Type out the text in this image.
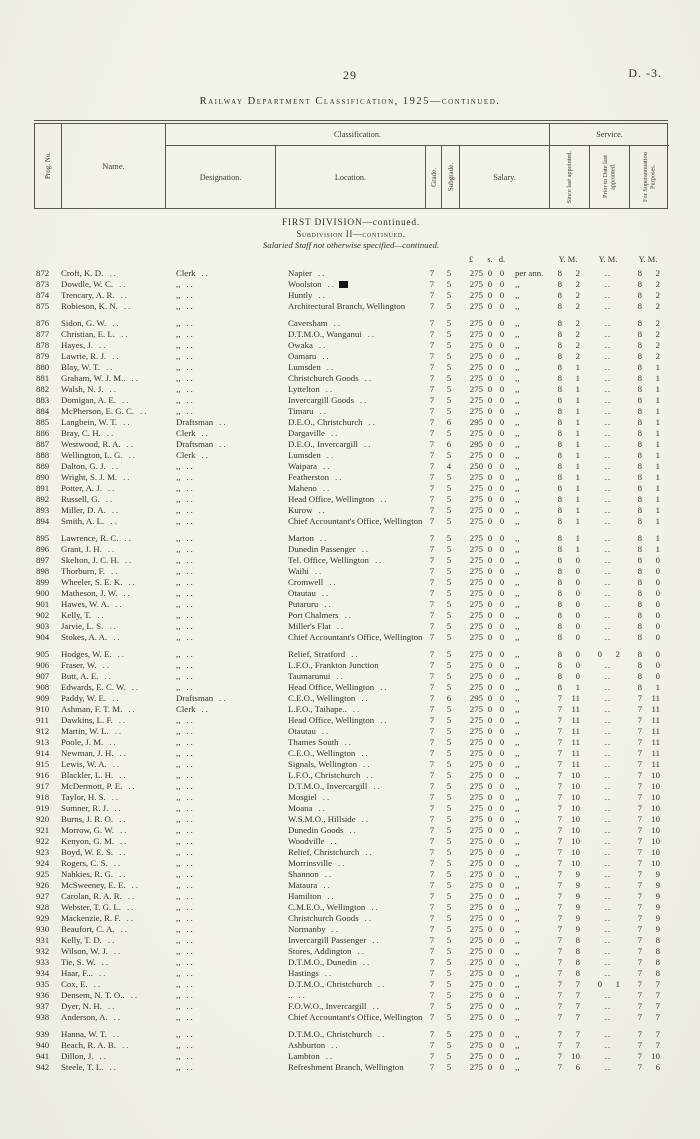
29	D. -3.
Railway Department Classification, 1925—continued.
Prog. No.	Name.
Classification.	Service.
Designation.	Location.	Grade. Subgrade.	Salary.	Since last appointed.	Prior to Date last appointed.	For Superannuation Purposes.
FIRST DIVISION—continued.
Subdivision II—continued.
Salaried Staff not otherwise specified—continued.
£	s. d.	Y. M.	Y. M.	Y. M.
872	Croft, K. D. ..	Clerk ..	Napier ..	7	5	275 0 0	per ann.	8	2	..	8	2
873	Dowdle, W. C. ..	,, ..	Woolston ..	7	5	275 0 0	,,	8	2	..	8	2
874	Trencary, A. R. ..	,, ..	Huntly ..	7	5	275 0 0	,,	8	2	..	8	2
875	Robieson, K. N. ..	,, ..	Architectural Branch, Wellington	7	5	275 0 0	,,	8	2	..	8	2
876	Sidon, G. W. ..	,, ..	Caversham ..	7	5	275 0 0	,,	8	2	..	8	2
877	Christian, E. L. ..	,, ..	D.T.M.O., Wanganui ..	7	5	275 0 0	,,	8	2	..	8	2
878	Hayes, J. ..	,, ..	Owaka ..	7	5	275 0 0	,,	8	2	..	8	2
879	Lawrie, R. J. ..	,, ..	Oamaru ..	7	5	275 0 0	,,	8	2	..	8	2
880	Blay, W. T. ..	,, ..	Lumsden ..	7	5	275 0 0	,,	8	1	..	8	1
881	Graham, W. J. M.. ..	,, ..	Christchurch Goods ..	7	5	275 0 0	,,	8	1	..	8	1
882	Walsh, N. J. ..	,, ..	Lyttelton ..	7	5	275 0 0	,,	8	1	..	8	1
883	Domigan, A. E. ..	,, ..	Invercargill Goods ..	7	5	275 0 0	,,	8	1	..	8	1
884	McPherson, E. G. C. ..	,, ..	Timaru ..	7	5	275 0 0	,,	8	1	..	8	1
885	Langbein, W. T. ..	Draftsman ..	D.E.O., Christchurch ..	7	6	295 0 0	,,	8	1	..	8	1
886	Bray, C. H. ..	Clerk ..	Dargaville ..	7	5	275 0 0	,,	8	1	..	8	1
887	Westwood, R. A. ..	Draftsman ..	D.E.O., Invercargill ..	7	6	295 0 0	,,	8	1	..	8	1
888	Wellington, L. G. ..	Clerk ..	Lumsden ..	7	5	275 0 0	,,	8	1	..	8	1
889	Dalton, G. J. ..	,, ..	Waipara ..	7	4	250 0 0	,,	8	1	..	8	1
890	Wright, S. J. M. ..	,, ..	Featherston ..	7	5	275 0 0	,,	8	1	..	8	1
891	Potter, A. J. ..	,, ..	Maheno ..	7	5	275 0 0	,,	8	1	..	8	1
892	Russell, G. ..	,, ..	Head Office, Wellington ..	7	5	275 0 0	,,	8	1	..	8	1
893	Miller, D. A. ..	,, ..	Kurow ..	7	5	275 0 0	,,	8	1	..	8	1
894	Smith, A. L. ..	,, ..	Chief Accountant's Office, Wellington 7	5	275 0 0	,,	8	1	..	8	1
895	Lawrence, R. C. ..	,, ..	Marton ..	7	5	275 0 0	,,	8	1	..	8	1
896	Grant, J. H. ..	,, ..	Dunedin Passenger ..	7	5	275 0 0	,,	8	1	..	8	1
897	Skelton, J. C. H. ..	,, ..	Tel. Office, Wellington ..	7	5	275 0 0	,,	8	0	..	8	0
898	Thorburn, F. ..	,, ..	Waihi ..	7	5	275 0 0	,,	8	0	..	8	0
899	Wheeler, S. E. K. ..	,, ..	Cromwell ..	7	5	275 0 0	,,	8	0	..	8	0
900	Matheson, J. W. ..	,, ..	Otautau ..	7	5	275 0 0	,,	8	0	..	8	0
901	Hawes, W. A. ..	,, ..	Putaruru ..	7	5	275 0 0	,,	8	0	..	8	0
902	Kelly, T. ..	,, ..	Port Chalmers ..	7	5	275 0 0	,,	8	0	..	8	0
903	Jarvie, L. S. ..	,, ..	Miller's Flat ..	7	5	275 0 0	,,	8	0	..	8	0
904	Stokes, A. A. ..	,, ..	Chief Accountant's Office, Wellington 7	5	275 0 0	,,	8	0	..	8	0
905	Hodges, W. E. ..	,, ..	Relief, Stratford ..	7	5	275 0 0	,,	8	0	0	2	8	0
906	Fraser, W. ..	,, ..	L.F.O., Frankton Junction	7	5	275 0 0	,,	8	0	..	8	0
907	Butt, A. E. ..	,, ..	Taumarunui ..	7	5	275 0 0	,,	8	0	..	8	0
908	Edwards, E. C. W. ..	,, ..	Head Office, Wellington ..	7	5	275 0 0	,,	8	1	..	8	1
909	Paddy, W. E. ..	Draftsman ..	C.E.O., Wellington ..	7	6	295 0 0	,,	7	11	..	7	11
910	Ashman, F. T. M. ..	Clerk ..	L.F.O., Taihape.. ..	7	5	275 0 0	,,	7	11	..	7	11
911	Dawkins, L. F. ..	,, ..	Head Office, Wellington ..	7	5	275 0 0	,,	7	11	..	7	11
912	Martin, W. L. ..	,, ..	Otautau ..	7	5	275 0 0	,,	7	11	..	7	11
913	Poole, J. M. ..	,, ..	Thames South ..	7	5	275 0 0	,,	7	11	..	7	11
914	Newman, J. H. ..	,, ..	C.E.O., Wellington ..	7	5	275 0 0	,,	7	11	..	7	11
915	Lewis, W. A. ..	,, ..	Signals, Wellington ..	7	5	275 0 0	,,	7	11	..	7	11
916	Blackler, L. H. ..	,, ..	L.F.O., Christchurch ..	7	5	275 0 0	,,	7	10	..	7	10
917	McDermott, P. E. ..	,, ..	D.T.M.O., Invercargill ..	7	5	275 0 0	,,	7	10	..	7	10
918	Taylor, H. S. ..	,, ..	Mosgiel ..	7	5	275 0 0	,,	7	10	..	7	10
919	Sumner, R. J. ..	,, ..	Moana ..	7	5	275 0 0	,,	7	10	..	7	10
920	Burns, J. R. O. ..	,, ..	W.S.M.O., Hillside ..	7	5	275 0 0	,,	7	10	..	7	10
921	Morrow, G. W. ..	,, ..	Dunedin Goods ..	7	5	275 0 0	,,	7	10	..	7	10
922	Kenyon, G. M. ..	,, ..	Woodville ..	7	5	275 0 0	,,	7	10	..	7	10
923	Boyd, W. E. S. ..	,, ..	Relief, Christchurch ..	7	5	275 0 0	,,	7	10	..	7	10
924	Rogers, C. S. ..	,, ..	Morrinsville ..	7	5	275 0 0	,,	7	10	..	7	10
925	Nahkies, R. G. ..	,, ..	Shannon ..	7	5	275 0 0	,,	7	9	..	7	9
926	McSweeney, E. E. ..	,, ..	Mataura ..	7	5	275 0 0	,,	7	9	..	7	9
927	Carolan, R. A. R. ..	,, ..	Hamilton ..	7	5	275 0 0	,,	7	9	..	7	9
928	Webster, T. G. L. ..	,, ..	C.M.E.O., Wellington ..	7	5	275 0 0	,,	7	9	..	7	9
929	Mackenzie, R. F. ..	,, ..	Christchurch Goods ..	7	5	275 0 0	,,	7	9	..	7	9
930	Beaufort, C. A. ..	,, ..	Normanby ..	7	5	275 0 0	,,	7	9	..	7	9
931	Kelly, T. D. ..	,, ..	Invercargill Passenger ..	7	5	275 0 0	,,	7	8	..	7	8
932	Wilson, W. J. ..	,, ..	Stores, Addington ..	7	5	275 0 0	,,	7	8	..	7	8
933	Tie, S. W. ..	,, ..	D.T.M.O., Dunedin ..	7	5	275 0 0	,,	7	8	..	7	8
934	Haar, F... ..	,, ..	Hastings ..	7	5	275 0 0	,,	7	8	..	7	8
935	Cox, E. ..	,, ..	D.T.M.O., Christchurch ..	7	5	275 0 0	,,	7	7	0	1	7	7
936	Densem, N. T. O.. ..	,, ..	.. ..	7	5	275 0 0	,,	7	7	..	7	7
937	Dyer, N. H. ..	,, ..	F.O.W.O., Invercargill ..	7	5	275 0 0	,,	7	7	..	7	7
938	Anderson, A. ..	,, ..	Chief Accountant's Office, Wellington 7	5	275 0 0	,,	7	7	..	7	7
939	Hanna, W. T. ..	,, ..	D.T.M.O., Christchurch ..	7	5	275 0 0	,,	7	7	..	7	7
940	Beach, R. A. B. ..	,, ..	Ashburton ..	7	5	275 0 0	,,	7	7	..	7	7
941	Dillon, J. ..	,, ..	Lambton ..	7	5	275 0 0	,,	7	10	..	7	10
942	Steele, T. L. ..	,, ..	Refreshment Branch, Wellington	7	5	275 0 0	,,	7	6	..	7	6
